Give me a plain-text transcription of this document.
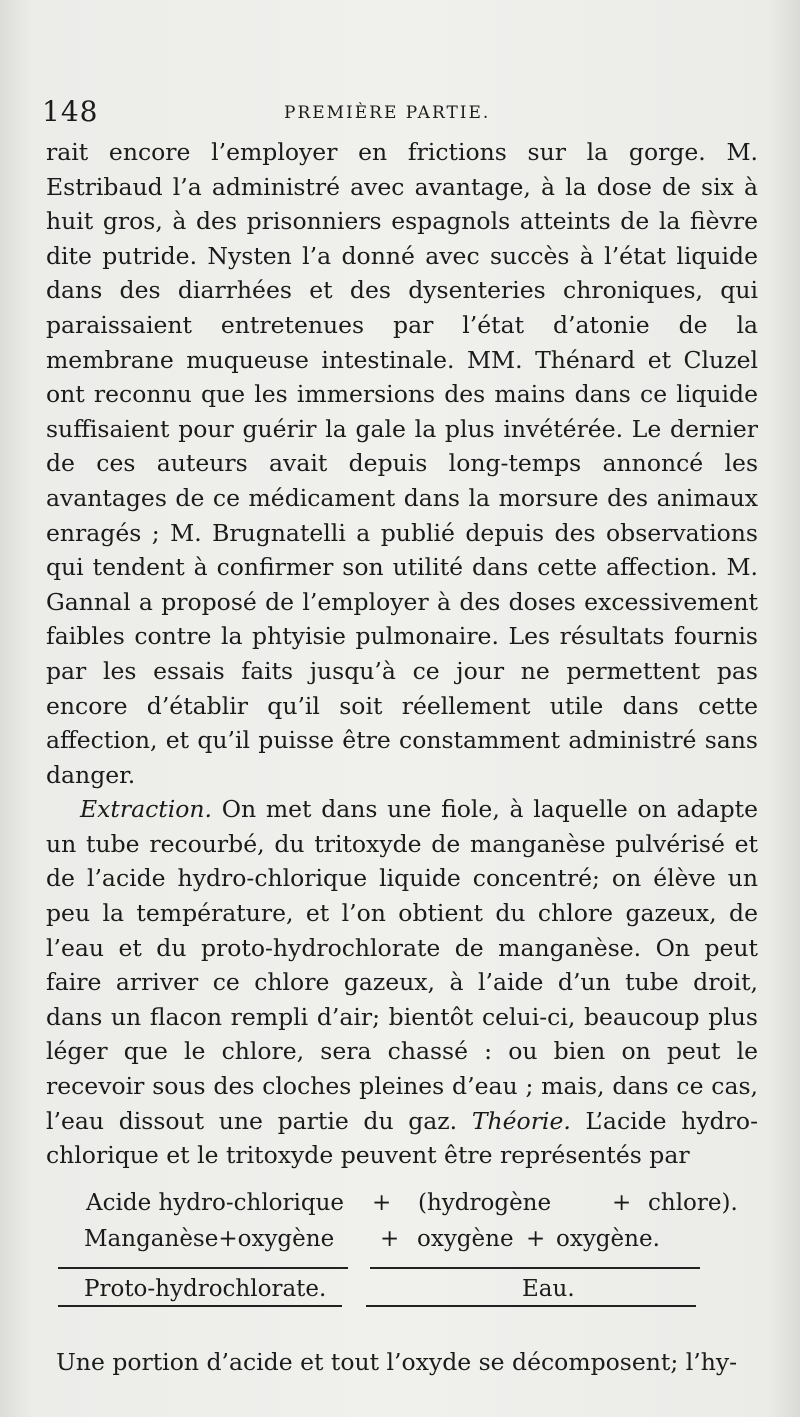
148	PREMIÈRE PARTIE.

rait encore l’employer en frictions sur la gorge. M. Estribaud l’a administré avec avantage, à la dose de six à huit gros, à des prisonniers espagnols atteints de la fièvre dite putride. Nysten l’a donné avec succès à l’état liquide dans des diarrhées et des dysenteries chroniques, qui paraissaient entretenues par l’état d’atonie de la membrane muqueuse intestinale. MM. Thénard et Cluzel ont reconnu que les immersions des mains dans ce liquide suffisaient pour guérir la gale la plus invétérée. Le dernier de ces auteurs avait depuis long-temps annoncé les avantages de ce médicament dans la morsure des animaux enragés ; M. Brugnatelli a publié depuis des observations qui tendent à confirmer son utilité dans cette affection. M. Gannal a proposé de l’employer à des doses excessivement faibles contre la phtyisie pulmonaire. Les résultats fournis par les essais faits jusqu’à ce jour ne permettent pas encore d’établir qu’il soit réellement utile dans cette affection, et qu’il puisse être constamment administré sans danger.

Extraction. On met dans une fiole, à laquelle on adapte un tube recourbé, du tritoxyde de manganèse pulvérisé et de l’acide hydro-chlorique liquide concentré; on élève un peu la température, et l’on obtient du chlore gazeux, de l’eau et du proto-hydrochlorate de manganèse. On peut faire arriver ce chlore gazeux, à l’aide d’un tube droit, dans un flacon rempli d’air; bientôt celui-ci, beaucoup plus léger que le chlore, sera chassé : ou bien on peut le recevoir sous des cloches pleines d’eau ; mais, dans ce cas, l’eau dissout une partie du gaz. Théorie. L’acide hydro-chlorique et le tritoxyde peuvent être représentés par

Acide hydro-chlorique + (hydrogène	+ chlore).
Manganèse+oxygène + oxygène + oxygène.
Proto-hydrochlorate.	Eau.
Une portion d’acide et tout l’oxyde se décomposent; l’hy-
